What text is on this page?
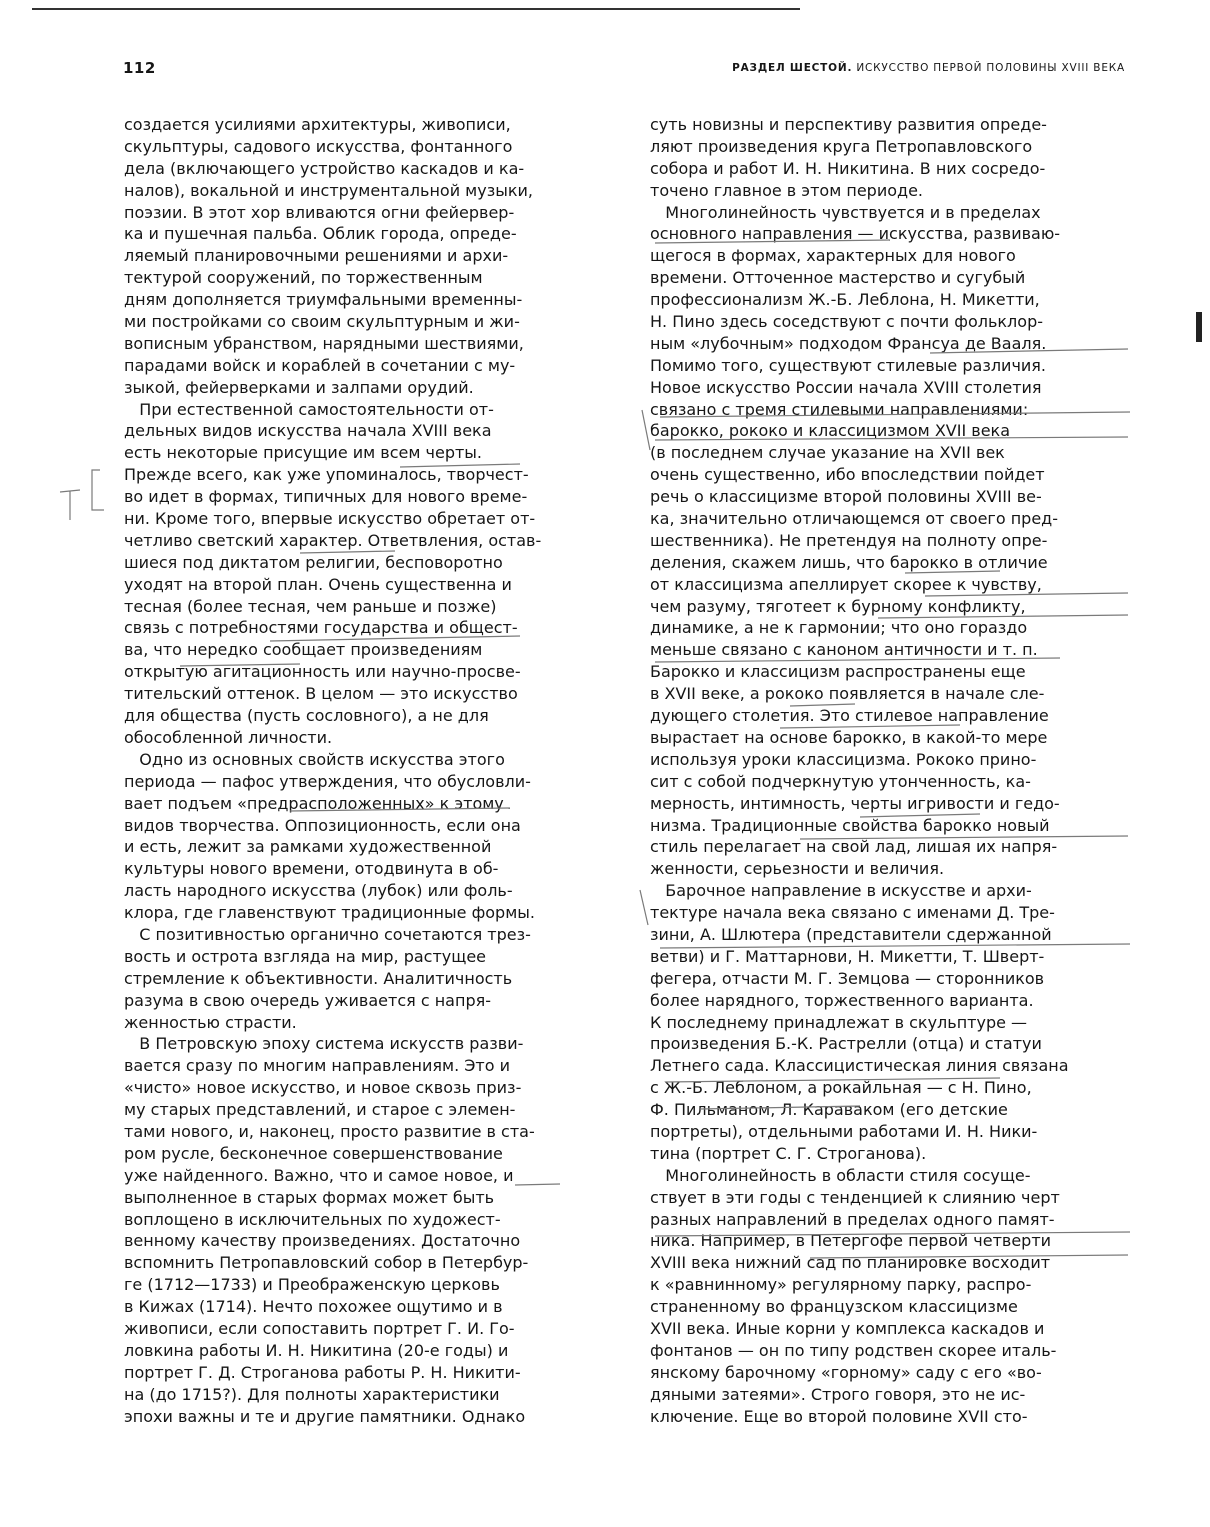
112	РАЗДЕЛ ШЕСТОЙ. ИСКУССТВО ПЕРВОЙ ПОЛОВИНЫ XVIII ВЕКА
создается усилиями архитектуры, живописи,
скульптуры, садового искусства, фонтанного
дела (включающего устройство каскадов и ка-
налов), вокальной и инструментальной музыки,
поэзии. В этот хор вливаются огни фейервер-
ка и пушечная пальба. Облик города, опреде-
ляемый планировочными решениями и архи-
тектурой сооружений, по торжественным
дням дополняется триумфальными временны-
ми постройками со своим скульптурным и жи-
вописным убранством, нарядными шествиями,
парадами войск и кораблей в сочетании с му-
зыкой, фейерверками и залпами орудий.
При естественной самостоятельности от-
дельных видов искусства начала XVIII века
есть некоторые присущие им всем черты.
Прежде всего, как уже упоминалось, творчест-
во идет в формах, типичных для нового време-
ни. Кроме того, впервые искусство обретает от-
четливо светский характер. Ответвления, остав-
шиеся под диктатом религии, бесповоротно
уходят на второй план. Очень существенна и
тесная (более тесная, чем раньше и позже)
связь с потребностями государства и общест-
ва, что нередко сообщает произведениям
открытую агитационность или научно-просве-
тительский оттенок. В целом — это искусство
для общества (пусть сословного), а не для
обособленной личности.
Одно из основных свойств искусства этого
периода — пафос утверждения, что обусловли-
вает подъем «предрасположенных» к этому
видов творчества. Оппозиционность, если она
и есть, лежит за рамками художественной
культуры нового времени, отодвинута в об-
ласть народного искусства (лубок) или фоль-
клора, где главенствуют традиционные формы.
С позитивностью органично сочетаются трез-
вость и острота взгляда на мир, растущее
стремление к объективности. Аналитичность
разума в свою очередь уживается с напря-
женностью страсти.
В Петровскую эпоху система искусств разви-
вается сразу по многим направлениям. Это и
«чисто» новое искусство, и новое сквозь приз-
му старых представлений, и старое с элемен-
тами нового, и, наконец, просто развитие в ста-
ром русле, бесконечное совершенствование
уже найденного. Важно, что и самое новое, и
выполненное в старых формах может быть
воплощено в исключительных по художест-
венному качеству произведениях. Достаточно
вспомнить Петропавловский собор в Петербур-
ге (1712—1733) и Преображенскую церковь
в Кижах (1714). Нечто похожее ощутимо и в
живописи, если сопоставить портрет Г. И. Го-
ловкина работы И. Н. Никитина (20-е годы) и
портрет Г. Д. Строганова работы Р. Н. Никити-
на (до 1715?). Для полноты характеристики
эпохи важны и те и другие памятники. Однако
суть новизны и перспективу развития опреде-
ляют произведения круга Петропавловского
собора и работ И. Н. Никитина. В них сосредо-
точено главное в этом периоде.
Многолинейность чувствуется и в пределах
основного направления — искусства, развиваю-
щегося в формах, характерных для нового
времени. Отточенное мастерство и сугубый
профессионализм Ж.-Б. Леблона, Н. Микетти,
Н. Пино здесь соседствуют с почти фольклор-
ным «лубочным» подходом Франсуа де Вааля.
Помимо того, существуют стилевые различия.
Новое искусство России начала XVIII столетия
связано с тремя стилевыми направлениями:
барокко, рококо и классицизмом XVII века
(в последнем случае указание на XVII век
очень существенно, ибо впоследствии пойдет
речь о классицизме второй половины XVIII ве-
ка, значительно отличающемся от своего пред-
шественника). Не претендуя на полноту опре-
деления, скажем лишь, что барокко в отличие
от классицизма апеллирует скорее к чувству,
чем разуму, тяготеет к бурному конфликту,
динамике, а не к гармонии; что оно гораздо
меньше связано с каноном античности и т. п.
Барокко и классицизм распространены еще
в XVII веке, а рококо появляется в начале сле-
дующего столетия. Это стилевое направление
вырастает на основе барокко, в какой-то мере
используя уроки классицизма. Рококо прино-
сит с собой подчеркнутую утонченность, ка-
мерность, интимность, черты игривости и гедо-
низма. Традиционные свойства барокко новый
стиль перелагает на свой лад, лишая их напря-
женности, серьезности и величия.
Барочное направление в искусстве и архи-
тектуре начала века связано с именами Д. Тре-
зини, А. Шлютера (представители сдержанной
ветви) и Г. Маттарнови, Н. Микетти, Т. Шверт-
фегера, отчасти М. Г. Земцова — сторонников
более нарядного, торжественного варианта.
К последнему принадлежат в скульптуре —
произведения Б.-К. Растрелли (отца) и статуи
Летнего сада. Классицистическая линия связана
с Ж.-Б. Леблоном, а рокайльная — с Н. Пино,
Ф. Пильманом, Л. Караваком (его детские
портреты), отдельными работами И. Н. Ники-
тина (портрет С. Г. Строганова).
Многолинейность в области стиля сосуще-
ствует в эти годы с тенденцией к слиянию черт
разных направлений в пределах одного памят-
ника. Например, в Петергофе первой четверти
XVIII века нижний сад по планировке восходит
к «равнинному» регулярному парку, распро-
страненному во французском классицизме
XVII века. Иные корни у комплекса каскадов и
фонтанов — он по типу родствен скорее италь-
янскому барочному «горному» саду с его «во-
дяными затеями». Строго говоря, это не ис-
ключение. Еще во второй половине XVII сто-
